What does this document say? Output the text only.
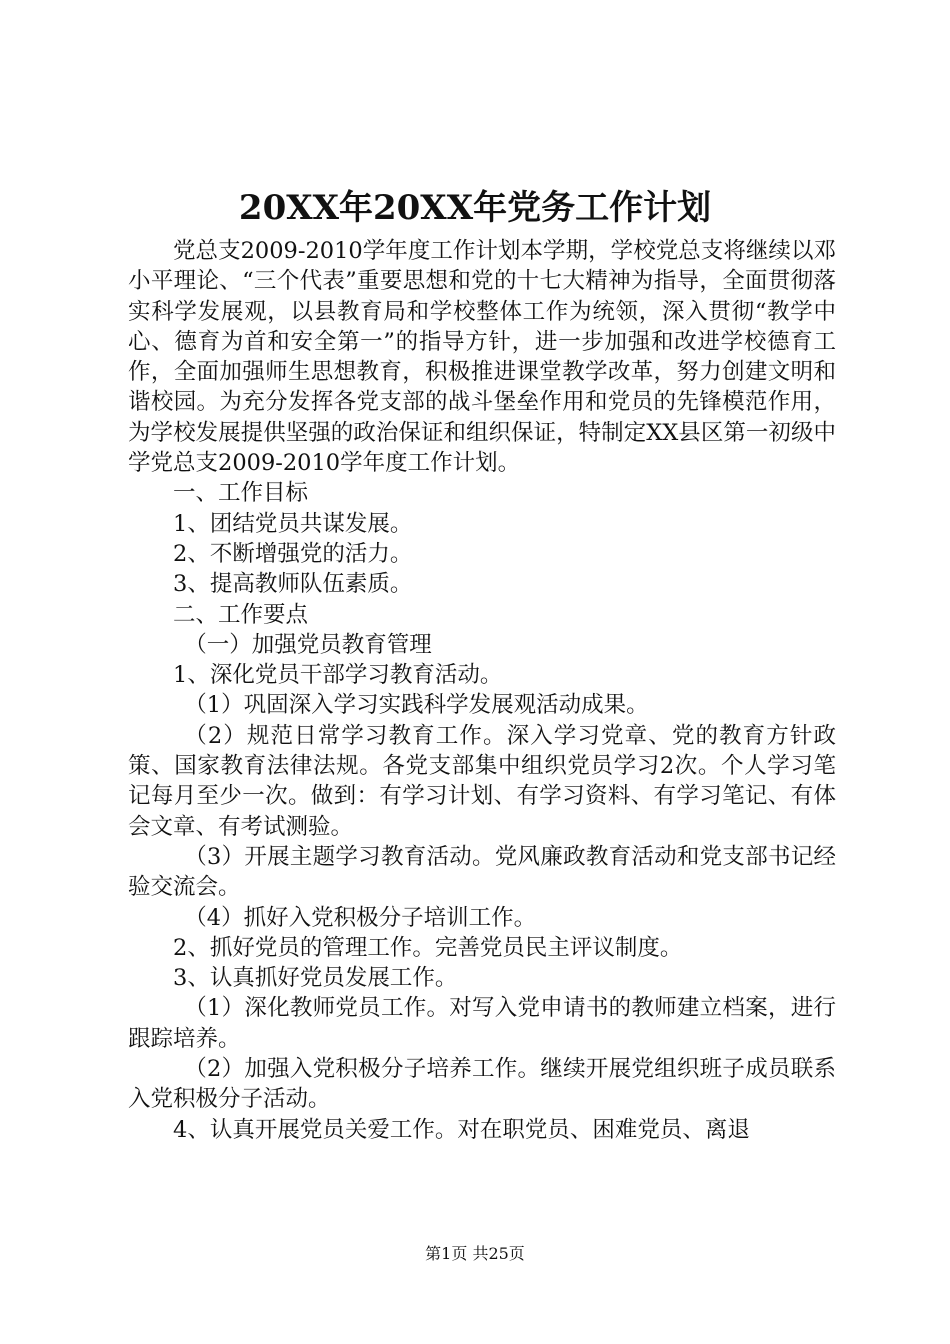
20XX年20XX年党务工作计划

党总支2009-2010学年度工作计划本学期，学校党总支将继续以邓小平理论、“三个代表”重要思想和党的十七大精神为指导，全面贯彻落实科学发展观，以县教育局和学校整体工作为统领，深入贯彻“教学中心、德育为首和安全第一”的指导方针，进一步加强和改进学校德育工作，全面加强师生思想教育，积极推进课堂教学改革，努力创建文明和谐校园。为充分发挥各党支部的战斗堡垒作用和党员的先锋模范作用，为学校发展提供坚强的政治保证和组织保证，特制定XX县区第一初级中学党总支2009-2010学年度工作计划。

一、工作目标

1、团结党员共谋发展。

2、不断增强党的活力。

3、提高教师队伍素质。

二、工作要点

（一）加强党员教育管理

1、深化党员干部学习教育活动。

（1）巩固深入学习实践科学发展观活动成果。

（2）规范日常学习教育工作。深入学习党章、党的教育方针政策、国家教育法律法规。各党支部集中组织党员学习2次。个人学习笔记每月至少一次。做到：有学习计划、有学习资料、有学习笔记、有体会文章、有考试测验。

（3）开展主题学习教育活动。党风廉政教育活动和党支部书记经验交流会。

（4）抓好入党积极分子培训工作。

2、抓好党员的管理工作。完善党员民主评议制度。

3、认真抓好党员发展工作。

（1）深化教师党员工作。对写入党申请书的教师建立档案，进行跟踪培养。

（2）加强入党积极分子培养工作。继续开展党组织班子成员联系入党积极分子活动。

4、认真开展党员关爱工作。对在职党员、困难党员、离退

第1页 共25页
